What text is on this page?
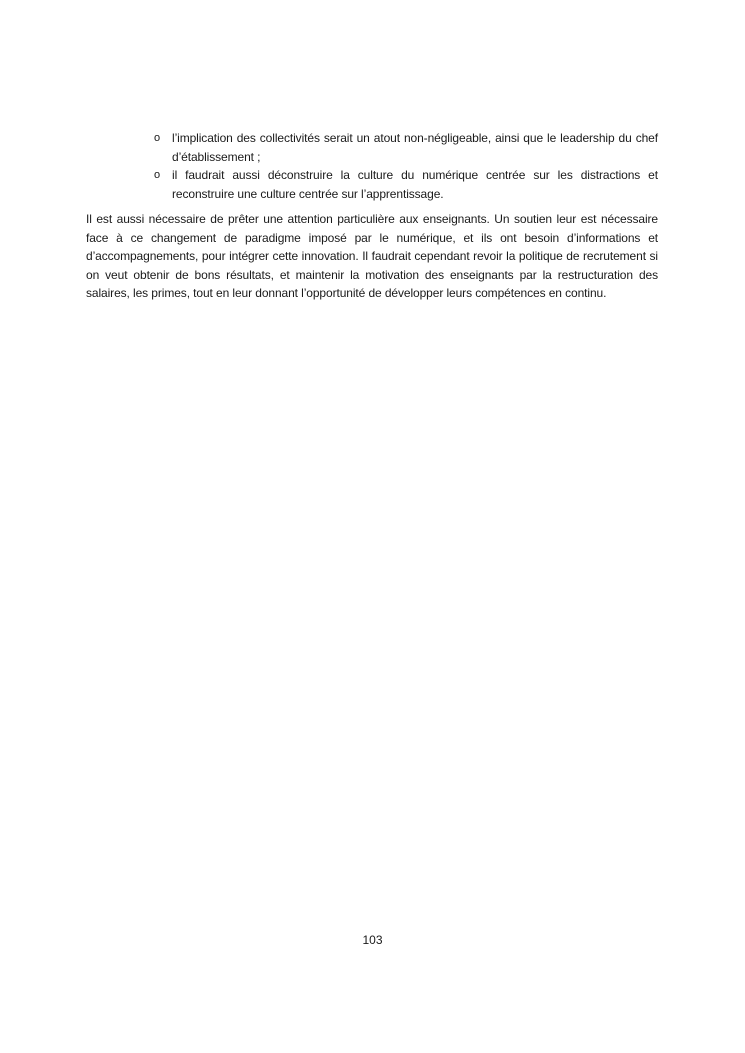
o l’implication des collectivités serait un atout non-négligeable, ainsi que le leadership du chef d’établissement ;
o il faudrait aussi déconstruire la culture du numérique centrée sur les distractions et reconstruire une culture centrée sur l’apprentissage.

Il est aussi nécessaire de prêter une attention particulière aux enseignants. Un soutien leur est nécessaire face à ce changement de paradigme imposé par le numérique, et ils ont besoin d’informations et d’accompagnements, pour intégrer cette innovation. Il faudrait cependant revoir la politique de recrutement si on veut obtenir de bons résultats, et maintenir la motivation des enseignants par la restructuration des salaires, les primes, tout en leur donnant l’opportunité de développer leurs compétences en continu.

103
